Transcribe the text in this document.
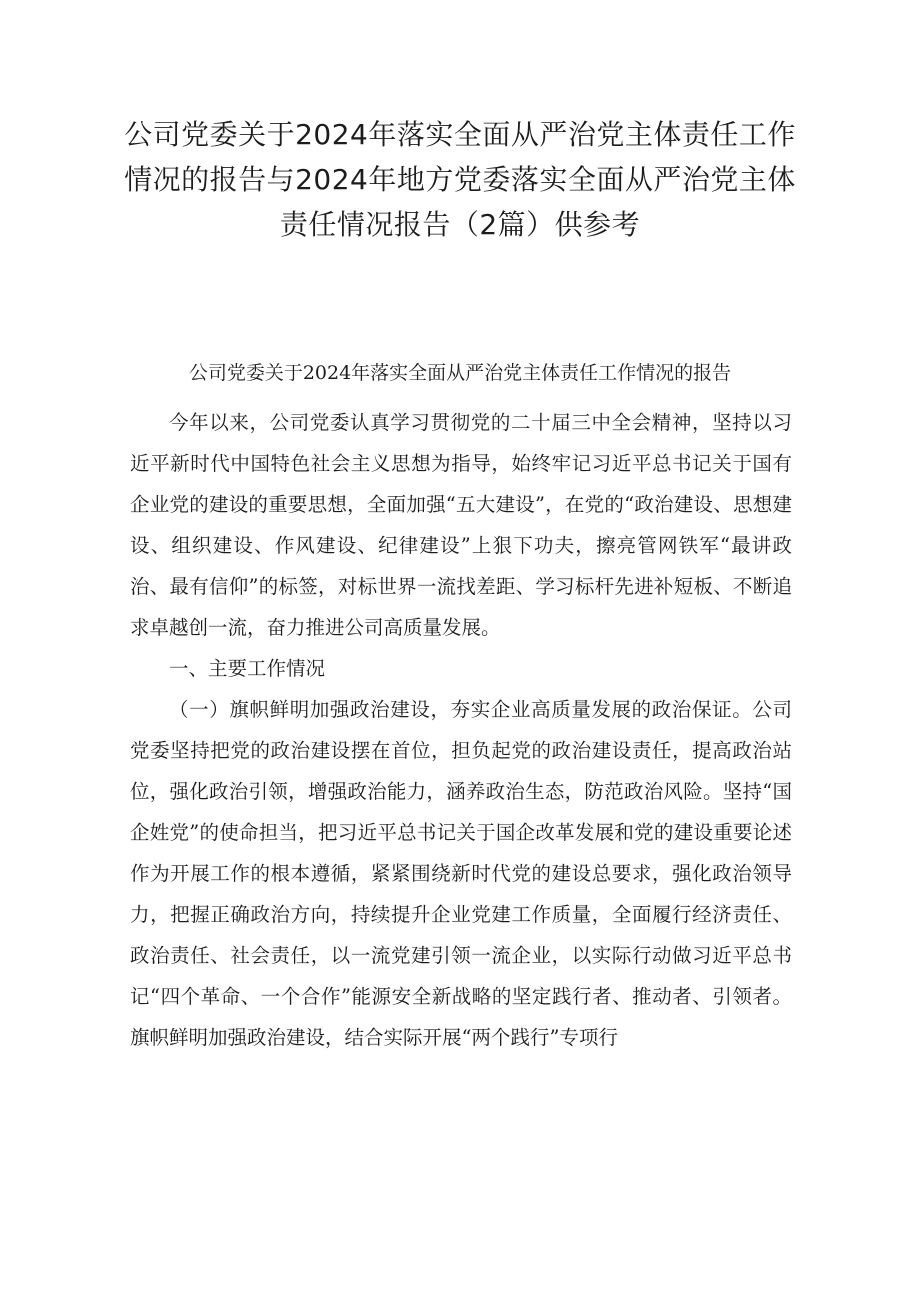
公司党委关于2024年落实全面从严治党主体责任工作情况的报告与2024年地方党委落实全面从严治党主体责任情况报告（2篇）供参考
公司党委关于2024年落实全面从严治党主体责任工作情况的报告

今年以来，公司党委认真学习贯彻党的二十届三中全会精神，坚持以习近平新时代中国特色社会主义思想为指导，始终牢记习近平总书记关于国有企业党的建设的重要思想，全面加强“五大建设”，在党的“政治建设、思想建设、组织建设、作风建设、纪律建设”上狠下功夫，擦亮管网铁军“最讲政治、最有信仰”的标签，对标世界一流找差距、学习标杆先进补短板、不断追求卓越创一流，奋力推进公司高质量发展。

一、主要工作情况

（一）旗帜鲜明加强政治建设，夯实企业高质量发展的政治保证。公司党委坚持把党的政治建设摆在首位，担负起党的政治建设责任，提高政治站位，强化政治引领，增强政治能力，涵养政治生态，防范政治风险。坚持“国企姓党”的使命担当，把习近平总书记关于国企改革发展和党的建设重要论述作为开展工作的根本遵循，紧紧围绕新时代党的建设总要求，强化政治领导力，把握正确政治方向，持续提升企业党建工作质量，全面履行经济责任、政治责任、社会责任，以一流党建引领一流企业，以实际行动做习近平总书记“四个革命、一个合作”能源安全新战略的坚定践行者、推动者、引领者。旗帜鲜明加强政治建设，结合实际开展“两个践行”专项行
